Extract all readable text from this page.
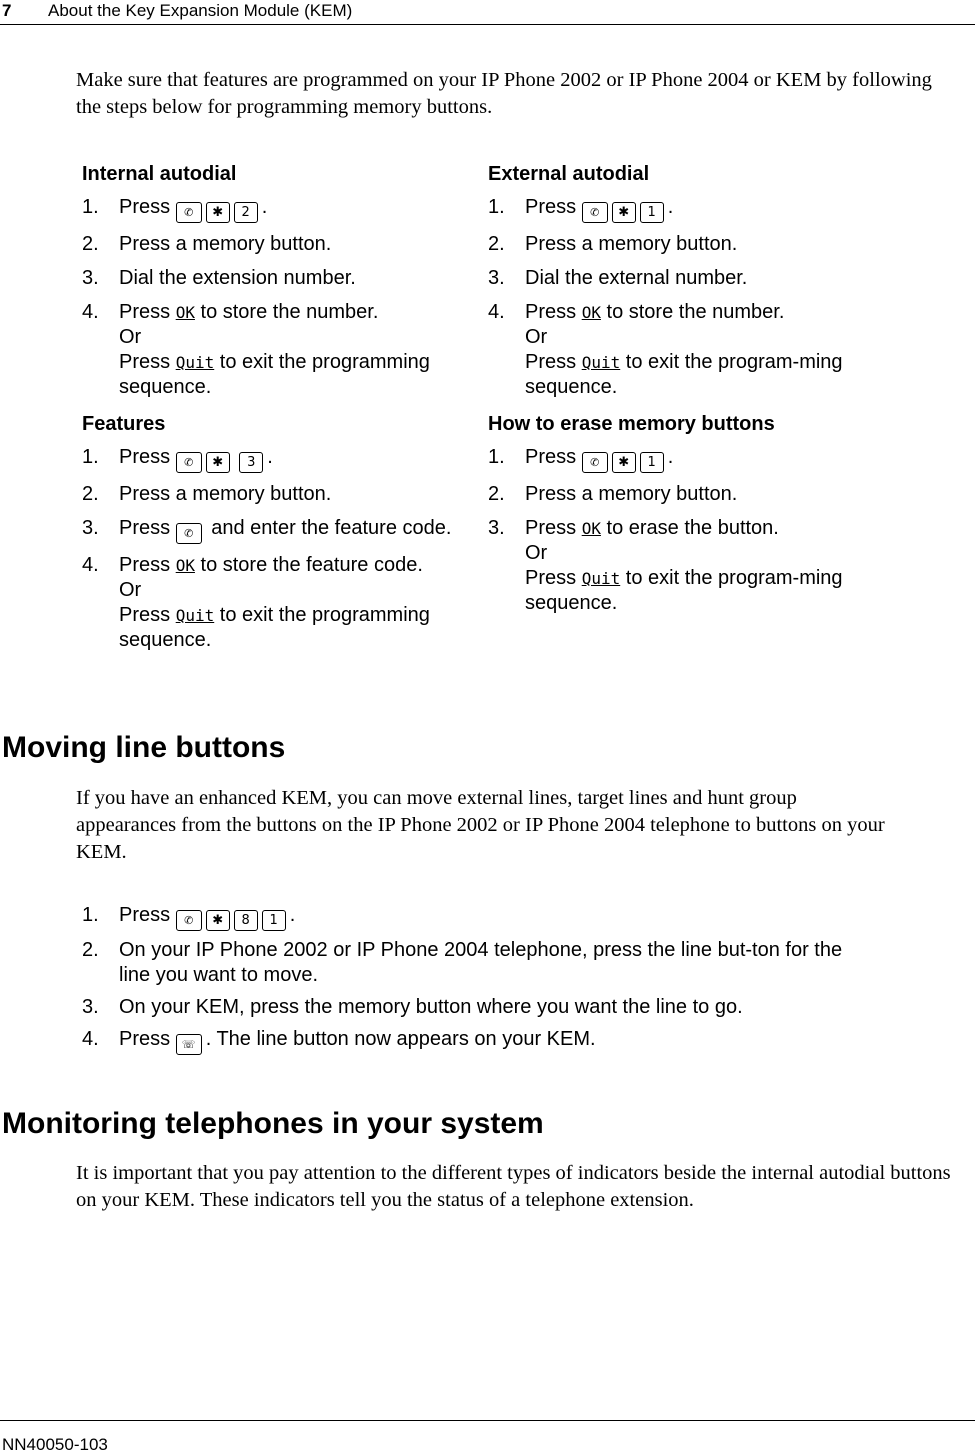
7 About the Key Expansion Module (KEM)
Make sure that features are programmed on your IP Phone 2002 or IP Phone 2004 or KEM by following the steps below for programming memory buttons.
Internal autodial
1. Press ✆ ✱ 2 .
2. Press a memory button.
3. Dial the extension number.
4. Press OK to store the number.
Or
Press Quit to exit the programming sequence.
External autodial
1. Press ✆ ✱ 1 .
2. Press a memory button.
3. Dial the external number.
4. Press OK to store the number.
Or
Press Quit to exit the program-ming sequence.
Features
1. Press ✆ ✱ 3 .
2. Press a memory button.
3. Press ✆ and enter the feature code.
4. Press OK to store the feature code.
Or
Press Quit to exit the programming sequence.
How to erase memory buttons
1. Press ✆ ✱ 1 .
2. Press a memory button.
3. Press OK to erase the button.
Or
Press Quit to exit the program-ming sequence.
Moving line buttons
If you have an enhanced KEM, you can move external lines, target lines and hunt group appearances from the buttons on the IP Phone 2002 or IP Phone 2004 telephone to buttons on your KEM.
1. Press ✆ ✱ 8 1 .
2. On your IP Phone 2002 or IP Phone 2004 telephone, press the line but-ton for the line you want to move.
3. On your KEM, press the memory button where you want the line to go.
4. Press ☏ . The line button now appears on your KEM.
Monitoring telephones in your system
It is important that you pay attention to the different types of indicators beside the internal autodial buttons on your KEM. These indicators tell you the status of a telephone extension.
NN40050-103
